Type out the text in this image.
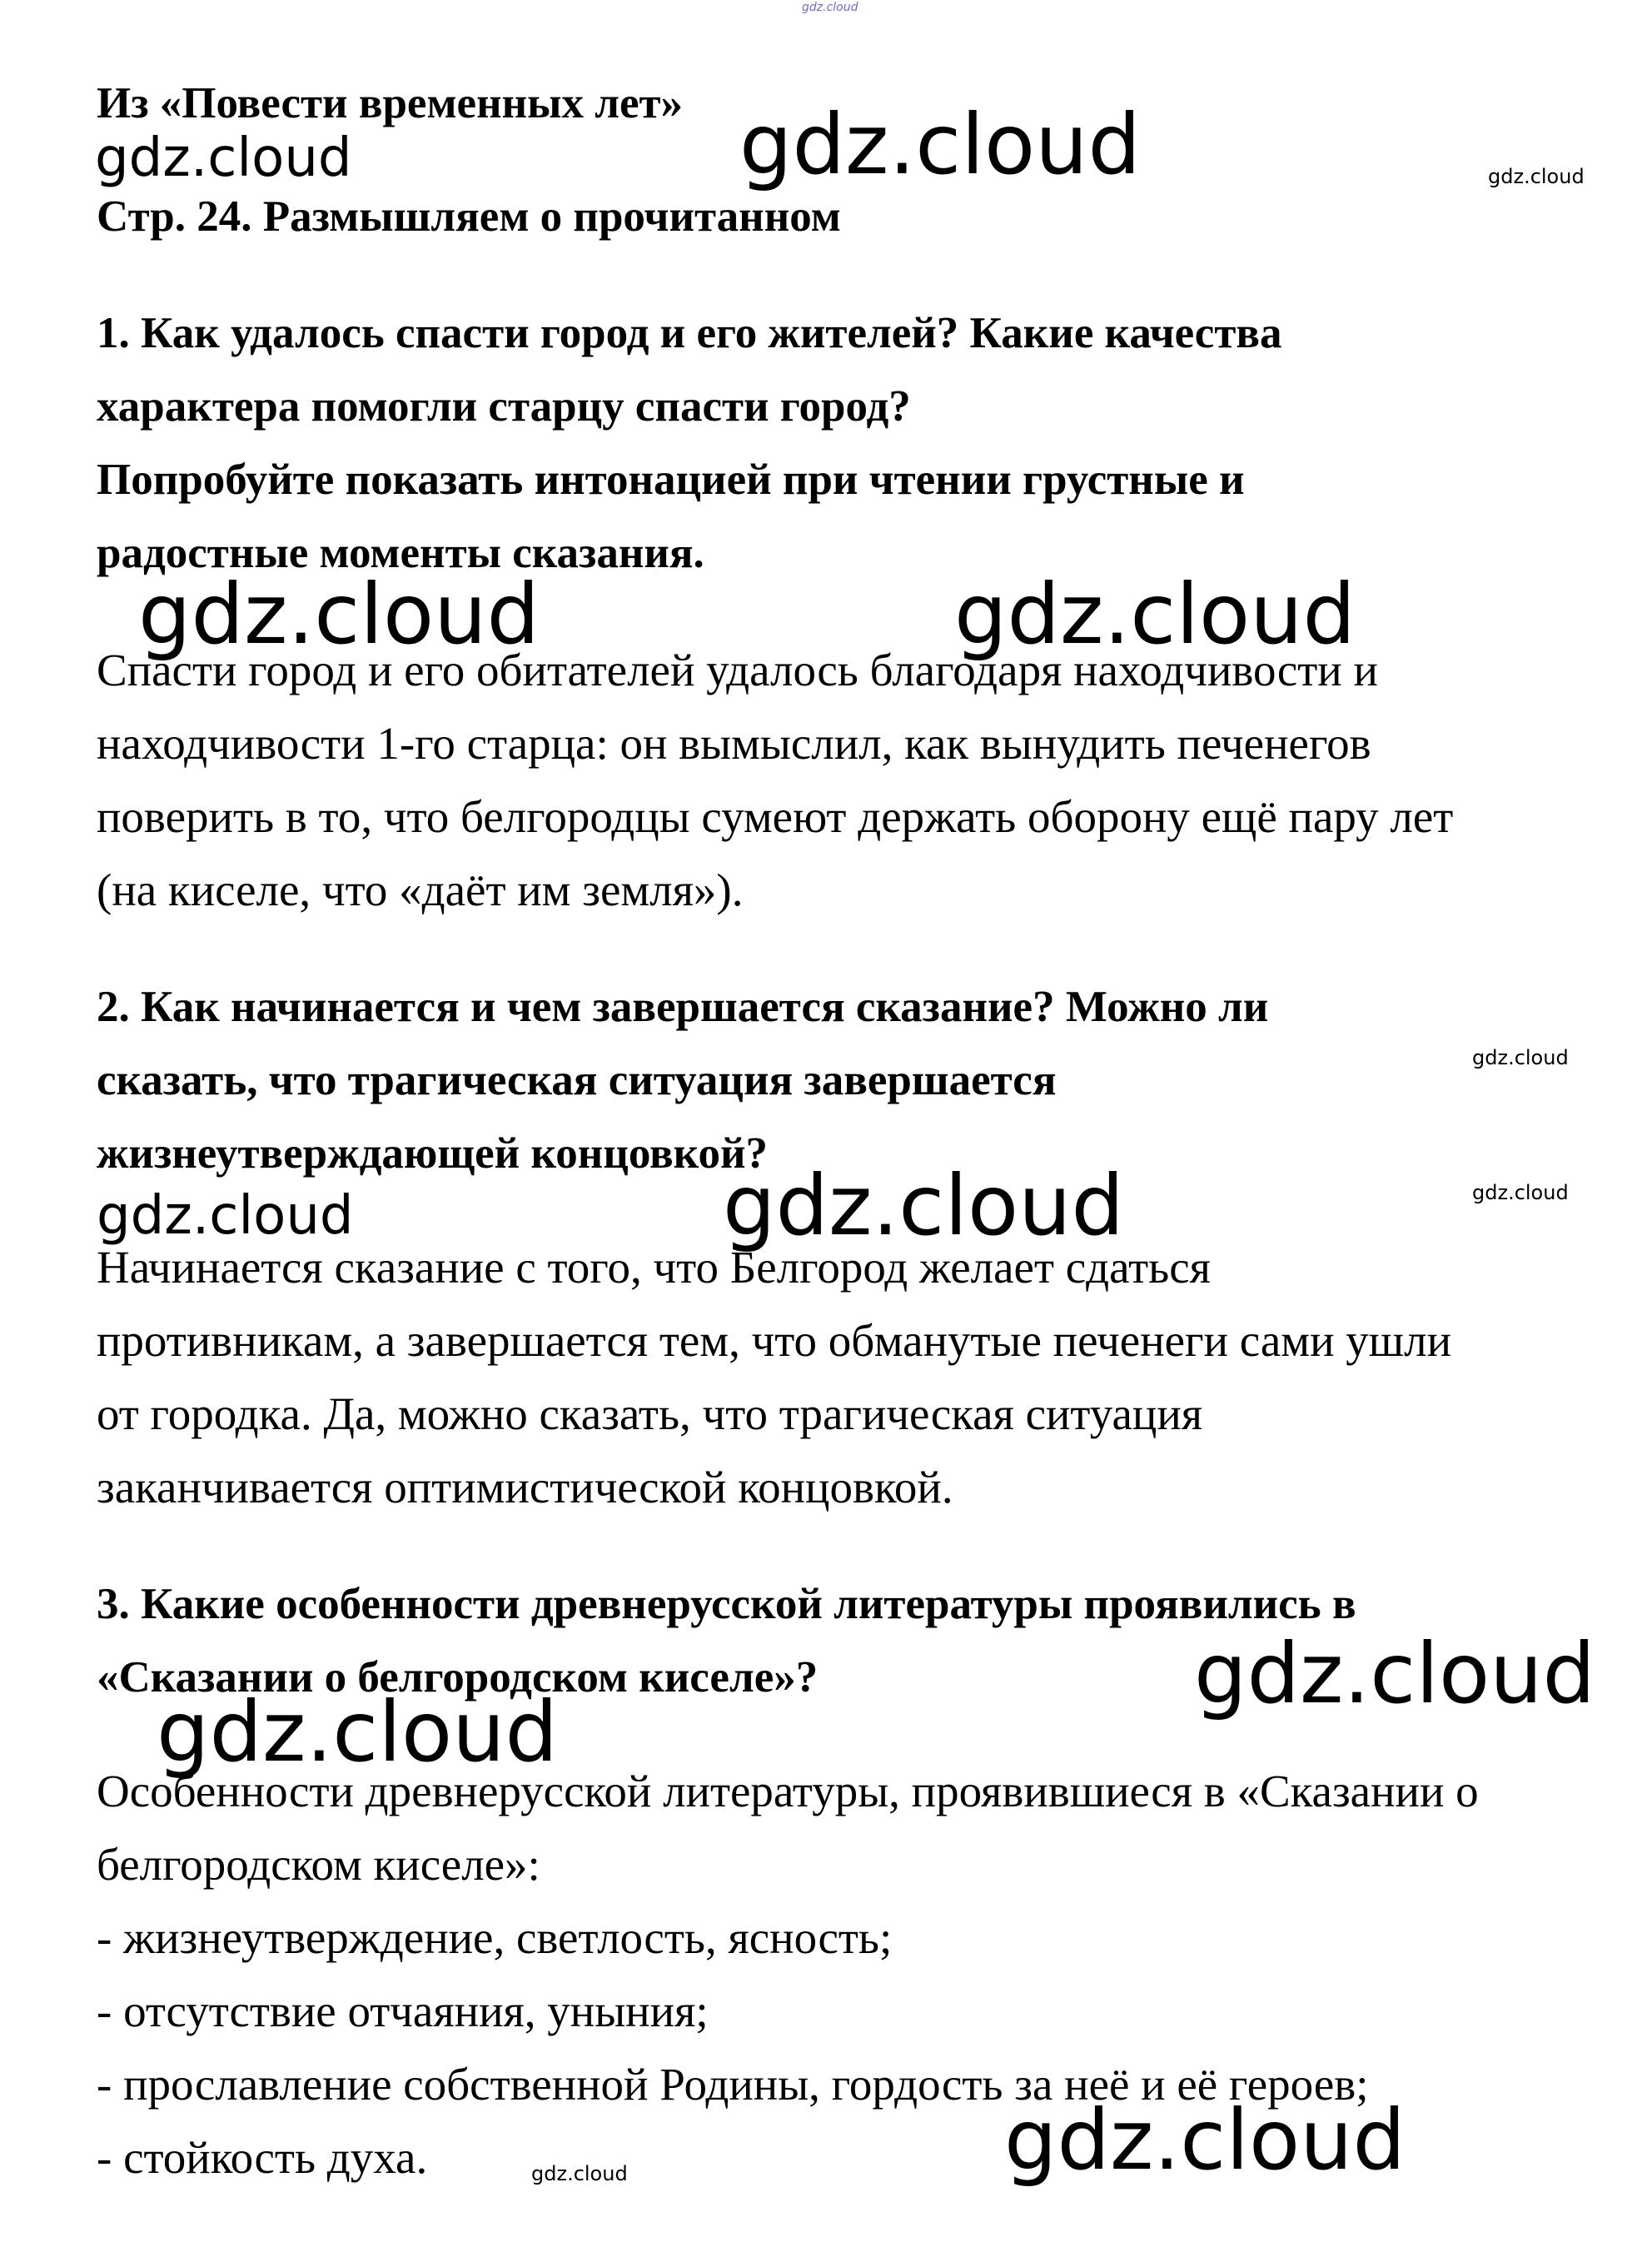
Из «Повести временных лет»
Стр. 24. Размышляем о прочитанном
1. Как удалось спасти город и его жителей? Какие качества
характера помогли старцу спасти город?
Попробуйте показать интонацией при чтении грустные и
радостные моменты сказания.
Спасти город и его обитателей удалось благодаря находчивости и
находчивости 1-го старца: он вымыслил, как вынудить печенегов
поверить в то, что белгородцы сумеют держать оборону ещё пару лет
(на киселе, что «даёт им земля»).
2. Как начинается и чем завершается сказание? Можно ли
сказать, что трагическая ситуация завершается
жизнеутверждающей концовкой?
Начинается сказание с того, что Белгород желает сдаться
противникам, а завершается тем, что обманутые печенеги сами ушли
от городка. Да, можно сказать, что трагическая ситуация
заканчивается оптимистической концовкой.
3. Какие особенности древнерусской литературы проявились в
«Сказании о белгородском киселе»?
Особенности древнерусской литературы, проявившиеся в «Сказании о
белгородском киселе»:
- жизнеутверждение, светлость, ясность;
- отсутствие отчаяния, уныния;
- прославление собственной Родины, гордость за неё и её героев;
- стойкость духа.
gdz.cloud
gdz.cloud	gdz.cloud	gdz.cloud
gdz.cloud	gdz.cloud
gdz.cloud
gdz.cloud
gdz.cloud	gdz.cloud
gdz.cloud
gdz.cloud
gdz.cloud
gdz.cloud
